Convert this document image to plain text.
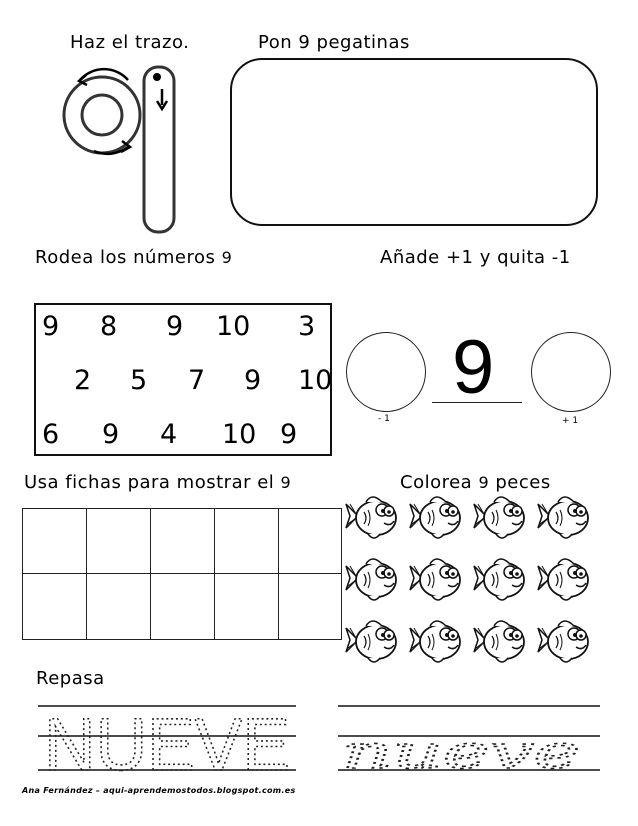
Haz el trazo.	Pon 9 pegatinas
Rodea los números 9	Añade +1 y quita -1
9 8 9 10 3
2 5 7 9 10
6 9 4 10 9	- 1
9
+ 1
Usa fichas para mostrar el 9	Colorea 9 peces
Repasa
NUEVE nueve
Ana Fernández – aqui-aprendemostodos.blogspot.com.es
